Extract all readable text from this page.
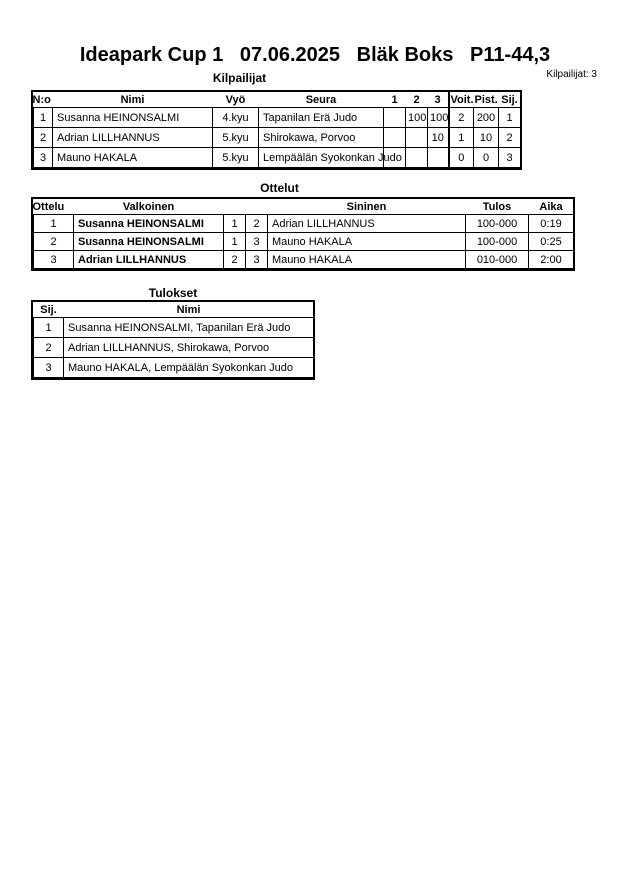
Ideapark Cup 1   07.06.2025   Bläk Boks   P11-44,3
Kilpailijat	Kilpailijat: 3
N:o	Nimi	Vyö	Seura	1	2	3	Voit.	Pist.	Sij.
1	Susanna HEINONSALMI	4.kyu	Tapanilan Erä Judo		100	100	2	200	1
2	Adrian LILLHANNUS	5.kyu	Shirokawa, Porvoo			10	1	10	2
3	Mauno HAKALA	5.kyu	Lempäälän Syokonkan Judo				0	0	3
Ottelut
Ottelu	Valkoinen			Sininen	Tulos	Aika
1	Susanna HEINONSALMI	1	2	Adrian LILLHANNUS	100-000	0:19
2	Susanna HEINONSALMI	1	3	Mauno HAKALA	100-000	0:25
3	Adrian LILLHANNUS	2	3	Mauno HAKALA	010-000	2:00
Tulokset
Sij.	Nimi
1	Susanna HEINONSALMI, Tapanilan Erä Judo
2	Adrian LILLHANNUS, Shirokawa, Porvoo
3	Mauno HAKALA, Lempäälän Syokonkan Judo
